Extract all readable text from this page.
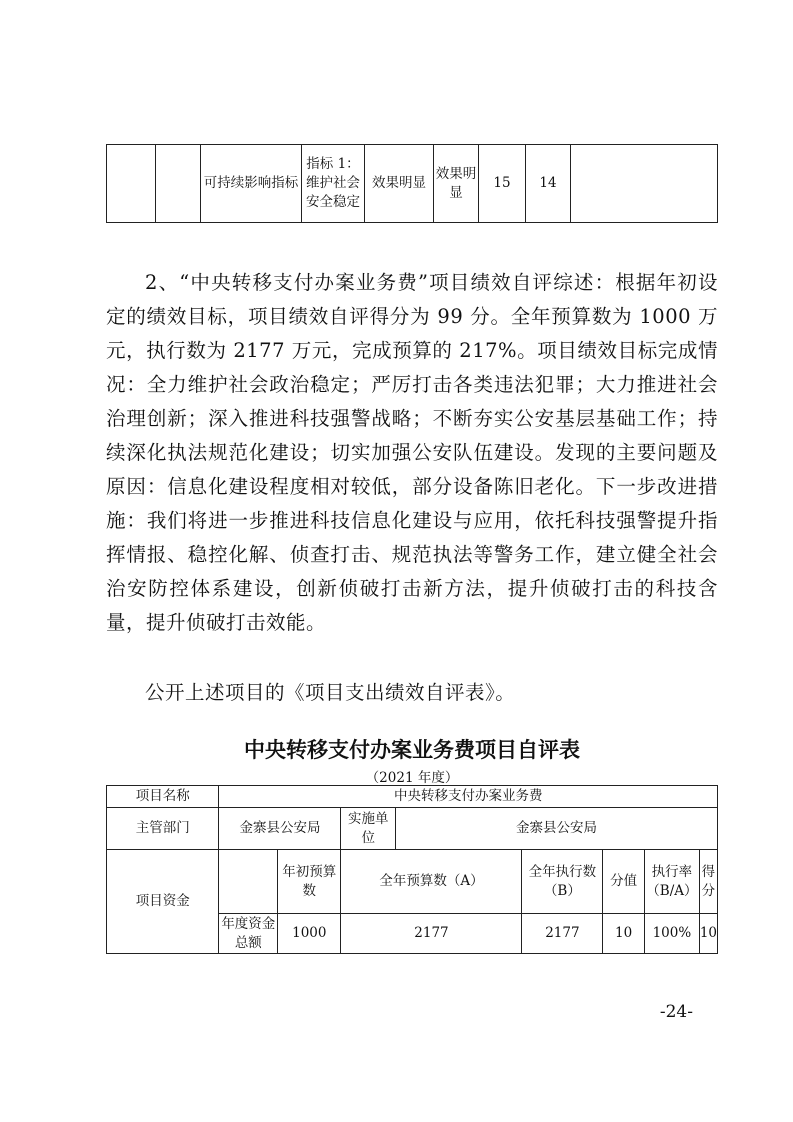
		可持续影响指标	指标 1：维护社会安全稳定	效果明显	效果明显	15	14	

2、“中央转移支付办案业务费”项目绩效自评综述：根据年初设定的绩效目标，项目绩效自评得分为 99 分。全年预算数为 1000 万元，执行数为 2177 万元，完成预算的 217%。项目绩效目标完成情况：全力维护社会政治稳定；严厉打击各类违法犯罪；大力推进社会治理创新；深入推进科技强警战略；不断夯实公安基层基础工作；持续深化执法规范化建设；切实加强公安队伍建设。发现的主要问题及原因：信息化建设程度相对较低，部分设备陈旧老化。下一步改进措施：我们将进一步推进科技信息化建设与应用，依托科技强警提升指挥情报、稳控化解、侦查打击、规范执法等警务工作，建立健全社会治安防控体系建设，创新侦破打击新方法，提升侦破打击的科技含量，提升侦破打击效能。

公开上述项目的《项目支出绩效自评表》。

中央转移支付办案业务费项目自评表
（2021 年度）
项目名称	中央转移支付办案业务费							
主管部门	金寨县公安局		实施单位	金寨县公安局				
项目资金		年初预算数	全年预算数（A）		全年执行数（B）	分值	执行率（B/A）	得分
	年度资金总额	1000	2177		2177	10	100%	10
-24-
